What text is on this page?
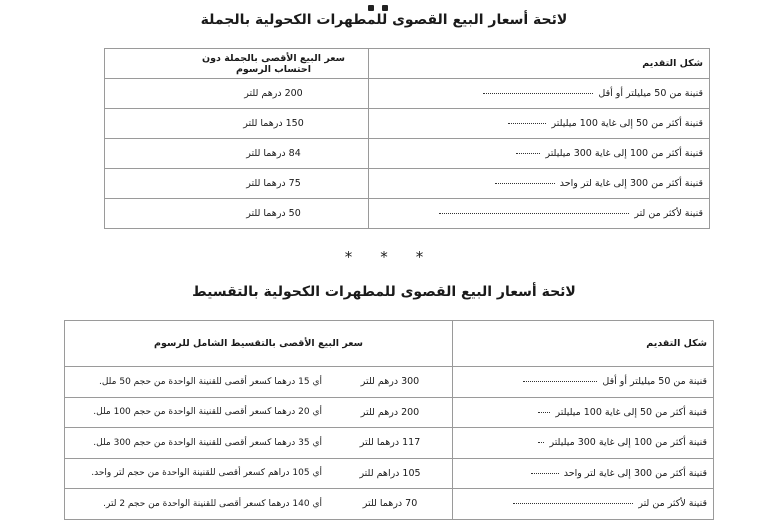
لائحة أسعار البيع القصوى للمطهرات الكحولية بالجملة
شكل التقديم	سعر البيع الأقصى بالجملة دون احتساب الرسوم
قنينة من 50 ميليلتر أو أقل	200 درهم للتر
قنينة أكثر من 50 إلى غاية 100 ميليلتر	150 درهما للتر
قنينة أكثر من 100 إلى غاية 300 ميليلتر	84 درهما للتر
قنينة أكثر من 300 إلى غاية لتر واحد	75 درهما للتر
قنينة لأكثر من لتر	50 درهما للتر
* * *
لائحة أسعار البيع القصوى للمطهرات الكحولية بالتقسيط
شكل التقديم	سعر البيع الأقصى بالتقسيط الشامل للرسوم	
قنينة من 50 ميليلتر أو أقل	300 درهم للتر	أي 15 درهما كسعر أقصى للقنينة الواحدة من حجم 50 ملل.
قنينة أكثر من 50 إلى غاية 100 ميليلتر	200 درهم للتر	أي 20 درهما كسعر أقصى للقنينة الواحدة من حجم 100 ملل.
قنينة أكثر من 100 إلى غاية 300 ميليلتر	117 درهما للتر	أي 35 درهما كسعر أقصى للقنينة الواحدة من حجم 300 ملل.
قنينة أكثر من 300 إلى غاية لتر واحد	105 دراهم للتر	أي 105 دراهم كسعر أقصى للقنينة الواحدة من حجم لتر واحد.
قنينة لأكثر من لتر	70 درهما للتر	أي 140 درهما كسعر أقصى للقنينة الواحدة من حجم 2 لتر.
